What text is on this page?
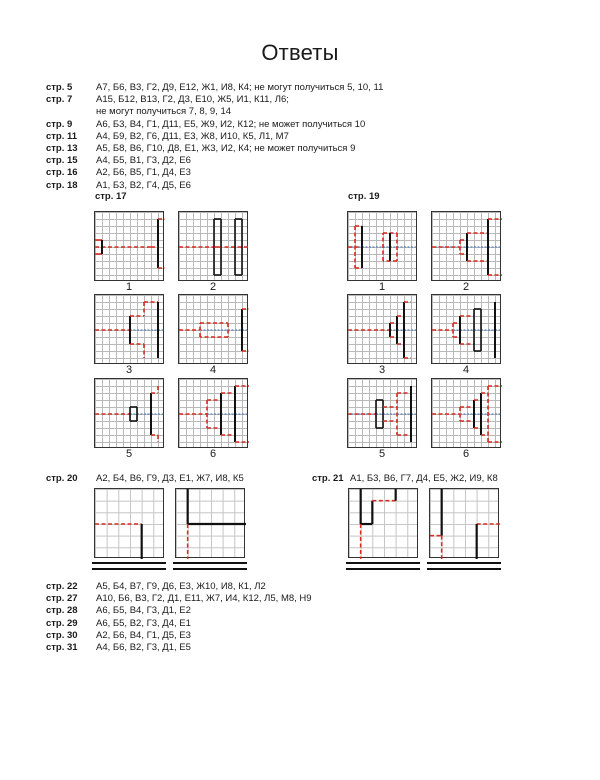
Ответы
стр. 5	А7, Б6, В3, Г2, Д9, Е12, Ж1, И8, К4; не могут получиться 5, 10, 11
стр. 7	А15, Б12, В13, Г2, Д3, Е10, Ж5, И1, К11, Л6;
не могут получиться 7, 8, 9, 14
стр. 9	А6, Б3, В4, Г1, Д11, Е5, Ж9, И2, К12; не может получиться 10
стр. 11	А4, Б9, В2, Г6, Д11, Е3, Ж8, И10, К5, Л1, М7
стр. 13	А5, Б8, В6, Г10, Д8, Е1, Ж3, И2, К4; не может получиться 9
стр. 15	А4, Б5, В1, Г3, Д2, Е6
стр. 16	А2, Б6, В5, Г1, Д4, Е3
стр. 18	А1, Б3, В2, Г4, Д5, Е6
стр. 17
1	2
3	4
5	6
стр. 19
1	2
3	4
5	6
стр. 20 А2, Б4, В6, Г9, Д3, Е1, Ж7, И8, К5	стр. 21 А1, Б3, В6, Г7, Д4, Е5, Ж2, И9, К8
стр. 22	А5, Б4, В7, Г9, Д6, Е3, Ж10, И8, К1, Л2
стр. 27	А10, Б6, В3, Г2, Д1, Е11, Ж7, И4, К12, Л5, М8, Н9
стр. 28	А6, Б5, В4, Г3, Д1, Е2
стр. 29	А6, Б5, В2, Г3, Д4, Е1
стр. 30	А2, Б6, В4, Г1, Д5, Е3
стр. 31	А4, Б6, В2, Г3, Д1, Е5
